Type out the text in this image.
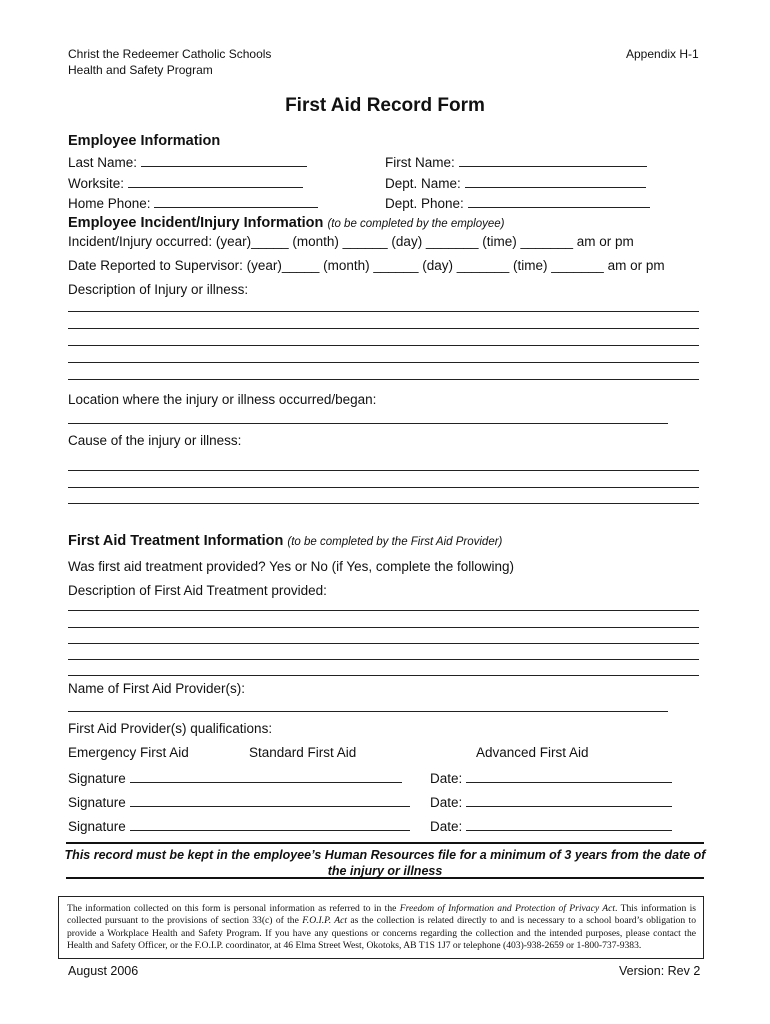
Christ the Redeemer Catholic Schools
Health and Safety Program
Appendix H-1
First Aid Record Form
Employee Information
Last Name:	First Name:
Worksite:	Dept. Name:
Home Phone:	Dept. Phone:
Employee Incident/Injury Information (to be completed by the employee)
Incident/Injury occurred: (year)_____ (month) ______ (day) _______ (time) _______ am or pm
Date Reported to Supervisor: (year)_____ (month) ______ (day) _______ (time) _______ am or pm
Description of Injury or illness:
Location where the injury or illness occurred/began:
Cause of the injury or illness:
First Aid Treatment Information (to be completed by the First Aid Provider)
Was first aid treatment provided? Yes or No (if Yes, complete the following)
Description of First Aid Treatment provided:
Name of First Aid Provider(s):
First Aid Provider(s) qualifications:
Emergency First Aid	Standard First Aid	Advanced First Aid
Signature	Date:
Signature	Date:
Signature	Date:
This record must be kept in the employee’s Human Resources file for a minimum of 3 years from the date of the injury or illness
The information collected on this form is personal information as referred to in the Freedom of Information and Protection of Privacy Act. This information is collected pursuant to the provisions of section 33(c) of the F.O.I.P. Act as the collection is related directly to and is necessary to a school board’s obligation to provide a Workplace Health and Safety Program. If you have any questions or concerns regarding the collection and the intended purposes, please contact the Health and Safety Officer, or the F.O.I.P. coordinator, at 46 Elma Street West, Okotoks, AB T1S 1J7 or telephone (403)-938-2659 or 1-800-737-9383.
August 2006	Version: Rev 2
